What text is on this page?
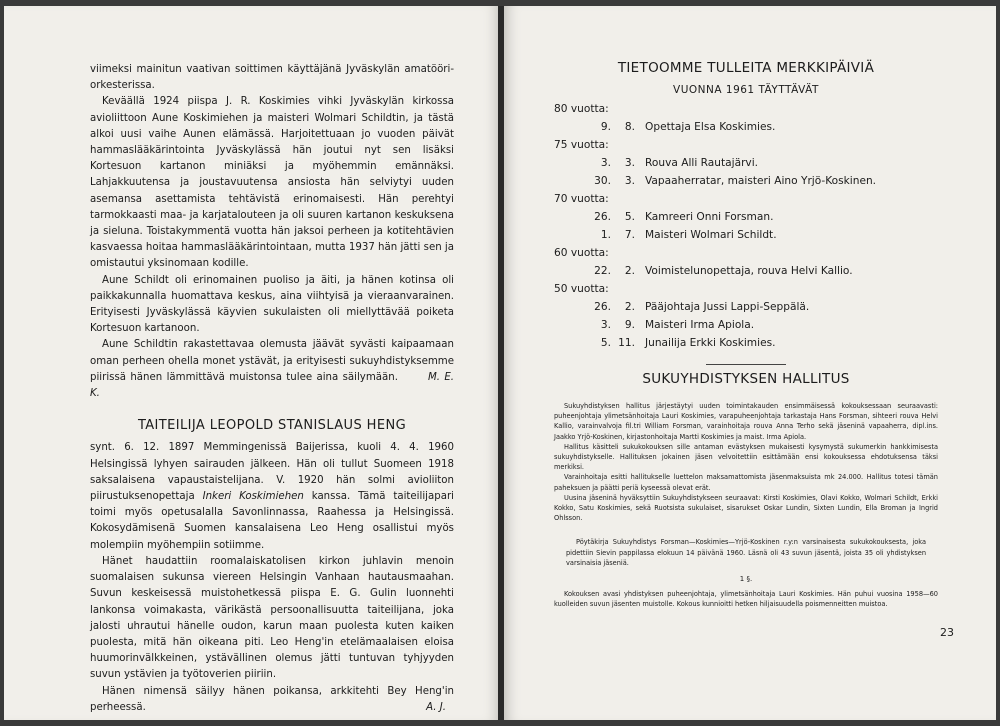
viimeksi mainitun vaativan soittimen käyttäjänä Jyväskylän amatööri-orkesterissa.

Keväällä 1924 piispa J. R. Koskimies vihki Jyväskylän kirkossa avioliittoon Aune Koskimiehen ja maisteri Wolmari Schildtin, ja tästä alkoi uusi vaihe Aunen elämässä. Harjoitettuaan jo vuoden päivät hammaslääkärintointa Jyväskylässä hän joutui nyt sen lisäksi Kortesuon kartanon miniäksi ja myöhemmin emännäksi. Lahjakkuutensa ja joustavuutensa ansiosta hän selviytyi uuden asemansa asettamista tehtävistä erinomaisesti. Hän perehtyi tarmokkaasti maa- ja karjatalouteen ja oli suuren kartanon keskuksena ja sieluna. Toistakymmentä vuotta hän jaksoi perheen ja kotitehtävien kasvaessa hoitaa hammaslääkärintointaan, mutta 1937 hän jätti sen ja omistautui yksinomaan kodille.

Aune Schildt oli erinomainen puoliso ja äiti, ja hänen kotinsa oli paikkakunnalla huomattava keskus, aina viihtyisä ja vieraanvarainen. Erityisesti Jyväskylässä käyvien sukulaisten oli miellyttävää poiketa Kortesuon kartanoon.

Aune Schildtin rakastettavaa olemusta jäävät syvästi kaipaamaan oman perheen ohella monet ystävät, ja erityisesti sukuyhdistyksemme piirissä hänen lämmittävä muistonsa tulee aina säilymään.	M. E. K.

TAITEILIJA LEOPOLD STANISLAUS HENG

synt. 6. 12. 1897 Memmingenissä Baijerissa, kuoli 4. 4. 1960 Helsingissä lyhyen sairauden jälkeen. Hän oli tullut Suomeen 1918 saksalaisena vapaustaistelijana. V. 1920 hän solmi avioliiton piirustuksenopettaja Inkeri Koskimiehen kanssa. Tämä taiteilijapari toimi myös opetusalalla Savonlinnassa, Raahessa ja Helsingissä. Kokosydämisenä Suomen kansalaisena Leo Heng osallistui myös molempiin myöhempiin sotiimme.

Hänet haudattiin roomalaiskatolisen kirkon juhlavin menoin suomalaisen sukunsa viereen Helsingin Vanhaan hautausmaahan. Suvun keskeisessä muistohetkessä piispa E. G. Gulin luonnehti lankonsa voimakasta, värikästä persoonallisuutta taiteilijana, joka jalosti uhrautui hänelle oudon, karun maan puolesta kuten kaiken puolesta, mitä hän oikeana piti. Leo Heng'in etelämaalaisen eloisa huumorinvälkkeinen, ystävällinen olemus jätti tuntuvan tyhjyyden suvun ystävien ja työtoverien piiriin.

Hänen nimensä säilyy hänen poikansa, arkkitehti Bey Heng'in perheessä.	A. J.

TIETOOMME TULLEITA MERKKIPÄIVIÄ
VUONNA 1961 TÄYTTÄVÄT
80 vuotta:
9.	8. Opettaja Elsa Koskimies.
75 vuotta:
3.	3. Rouva Alli Rautajärvi.
30.	3. Vapaaherratar, maisteri Aino Yrjö-Koskinen.
70 vuotta:
26.	5. Kamreeri Onni Forsman.
1.	7. Maisteri Wolmari Schildt.
60 vuotta:
22.	2. Voimistelunopettaja, rouva Helvi Kallio.
50 vuotta:
26.	2. Pääjohtaja Jussi Lappi-Seppälä.
3.	9. Maisteri Irma Apiola.
5. 11. Junailija Erkki Koskimies.
SUKUYHDISTYKSEN HALLITUS

Sukuyhdistyksen hallitus järjestäytyi uuden toimintakauden ensimmäisessä kokouksessaan seuraavasti: puheenjohtaja ylimetsänhoitaja Lauri Koskimies, varapuheenjohtaja tarkastaja Hans Forsman, sihteeri rouva Helvi Kallio, varainvalvoja fil.tri William Forsman, varainhoitaja rouva Anna Terho sekä jäseninä vapaaherra, dipl.ins. Jaakko Yrjö-Koskinen, kirjastonhoitaja Martti Koskimies ja maist. Irma Apiola.

Hallitus käsitteli sukukokouksen sille antaman evästyksen mukaisesti kysymystä sukumerkin hankkimisesta sukuyhdistykselle. Hallituksen jokainen jäsen velvoitettiin esittämään ensi kokouksessa ehdotuksensa täksi merkiksi.

Varainhoitaja esitti hallitukselle luettelon maksamattomista jäsenmaksuista mk 24.000. Hallitus totesi tämän paheksuen ja päätti periä kyseessä olevat erät.

Uusina jäseninä hyväksyttiin Sukuyhdistykseen seuraavat: Kirsti Koskimies, Olavi Kokko, Wolmari Schildt, Erkki Kokko, Satu Koskimies, sekä Ruotsista sukulaiset, sisarukset Oskar Lundin, Sixten Lundin, Ella Broman ja Ingrid Ohlsson.

Pöytäkirja Sukuyhdistys Forsman—Koskimies—Yrjö-Koskinen r.y:n varsinaisesta sukukokouksesta, joka pidettiin Sievin pappilassa elokuun 14 päivänä 1960. Läsnä oli 43 suvun jäsentä, joista 35 oli yhdistyksen varsinaisia jäseniä.

1 §.

Kokouksen avasi yhdistyksen puheenjohtaja, ylimetsänhoitaja Lauri Koskimies. Hän puhui vuosina 1958—60 kuolleiden suvun jäsenten muistolle. Kokous kunnioitti hetken hiljaisuudella poismenneitten muistoa.

23
